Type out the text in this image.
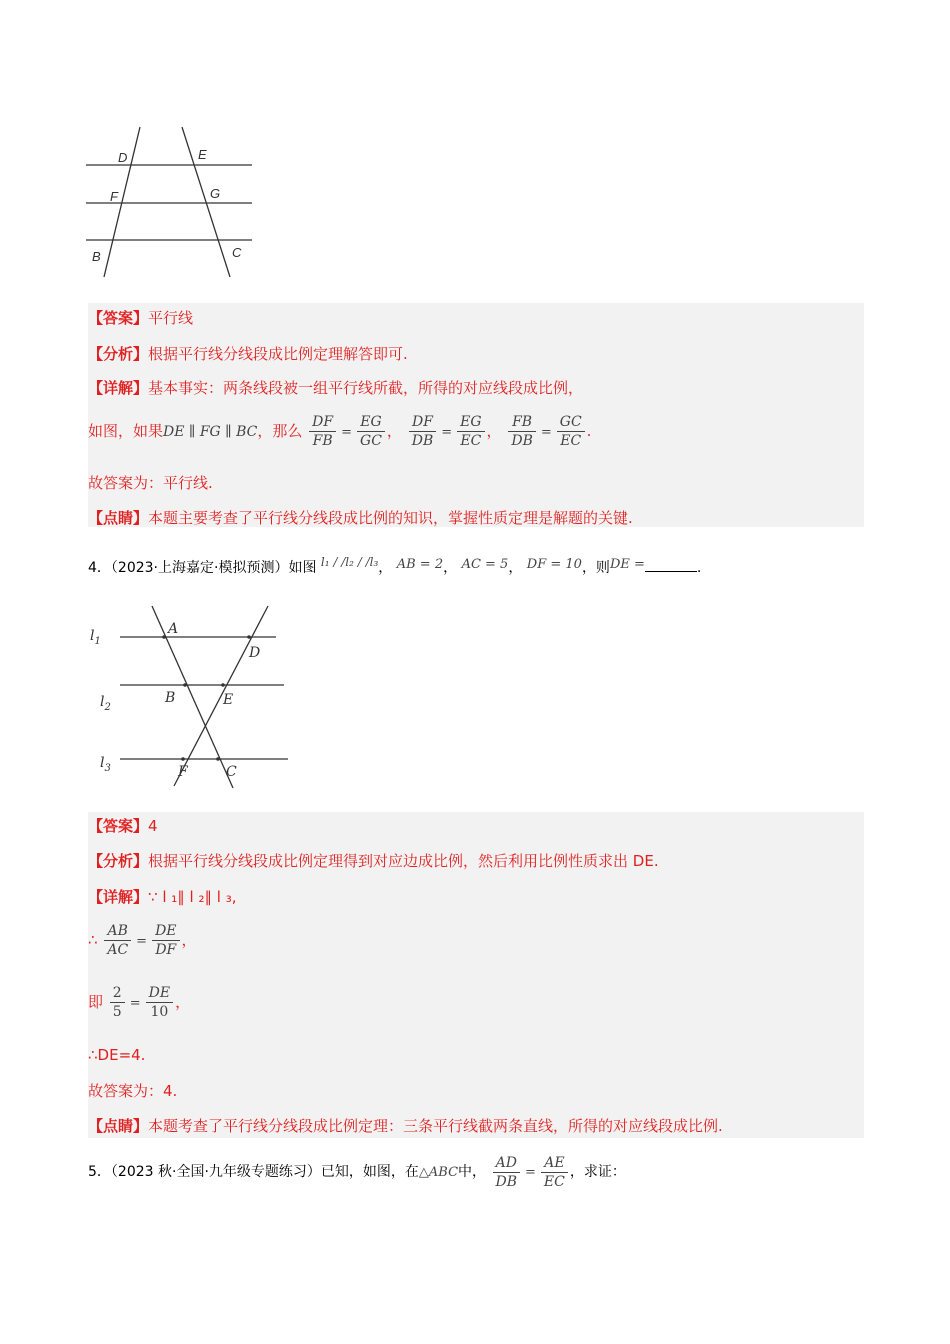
D	E
F	G
B	C
【答案】平行线
【分析】根据平行线分线段成比例定理解答即可.
【详解】基本事实：两条线段被一组平行线所截，所得的对应线段成比例，
如图，如果DE ∥ FG ∥ BC，那么 $\frac{DF}{FB} = \frac{EG}{GC}$ ， $\frac{DF}{DB} = \frac{EG}{EC}$ ， $\frac{FB}{DB} = \frac{GC}{EC}$ .
故答案为：平行线.
【点睛】本题主要考查了平行线分线段成比例的知识，掌握性质定理是解题的关键.
4．（2023·上海嘉定·模拟预测）如图 l₁ / /l₂ / /l₃， AB = 2， AC = 5， DF = 10，则DE =	.
A
D
B	E
F	C
$l_1$
$l_2$
$l_3$
【答案】4
【分析】根据平行线分线段成比例定理得到对应边成比例，然后利用比例性质求出 DE.
【详解】∵ l ₁∥ l ₂∥ l ₃,
∴ $\frac{AB}{AC} = \frac{DE}{DF}$ ，
即 $\frac{2}{5} = \frac{DE}{10}$ ，
∴DE=4.
故答案为：4.
【点睛】本题考查了平行线分线段成比例定理：三条平行线截两条直线，所得的对应线段成比例.
5．（2023 秋·全国·九年级专题练习）已知，如图，在△ABC中， $\frac{AD}{DB} = \frac{AE}{EC}$ ，求证：
